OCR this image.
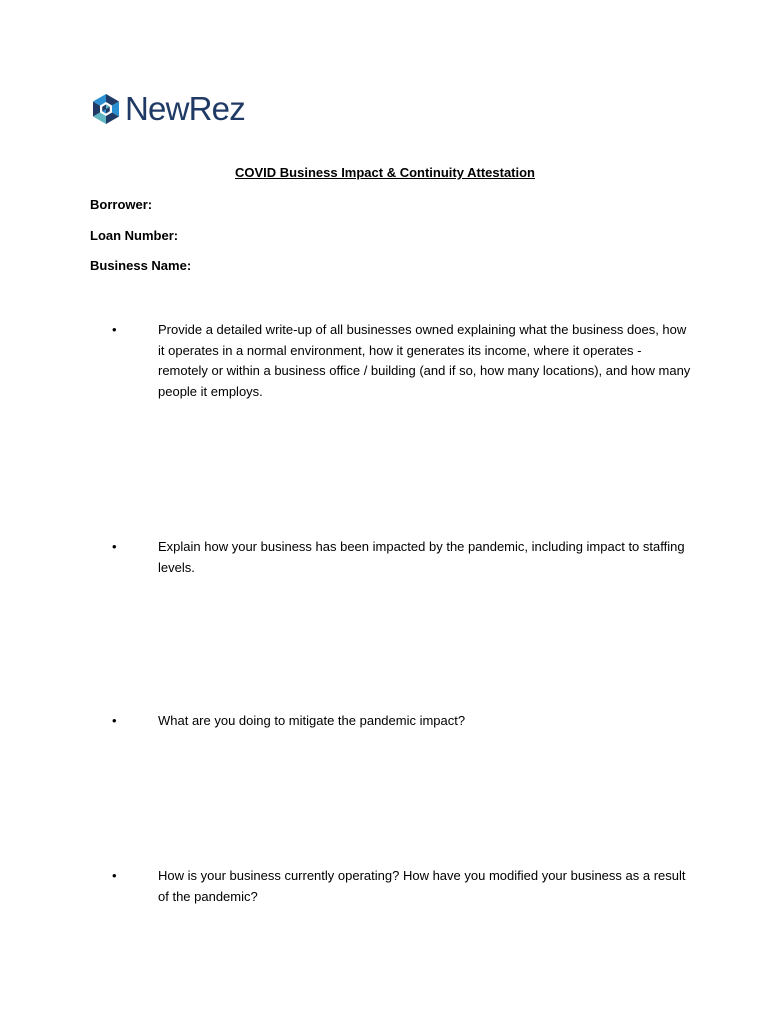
NewRez
COVID Business Impact & Continuity Attestation
Borrower:
Loan Number:
Business Name:
•	Provide a detailed write-up of all businesses owned explaining what the business does, how it operates in a normal environment, how it generates its income, where it operates - remotely or within a business office / building (and if so, how many locations), and how many people it employs.
•	Explain how your business has been impacted by the pandemic, including impact to staffing levels.
•	What are you doing to mitigate the pandemic impact?
•	How is your business currently operating? How have you modified your business as a result of the pandemic?
